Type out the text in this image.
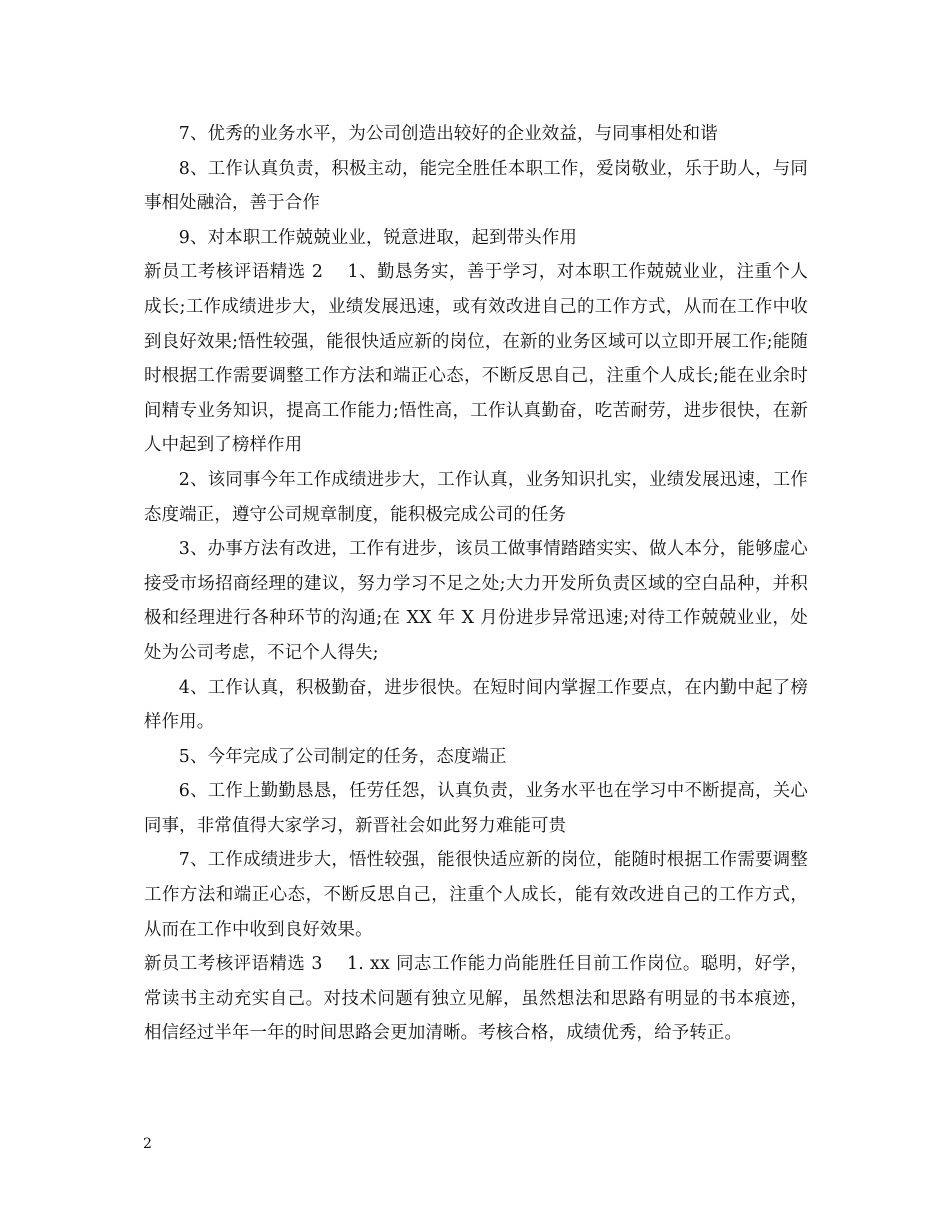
7、优秀的业务水平，为公司创造出较好的企业效益，与同事相处和谐

8、工作认真负责，积极主动，能完全胜任本职工作，爱岗敬业，乐于助人，与同事相处融洽，善于合作

9、对本职工作兢兢业业，锐意进取，起到带头作用

新员工考核评语精选 2 1、勤恳务实，善于学习，对本职工作兢兢业业，注重个人成长;工作成绩进步大，业绩发展迅速，或有效改进自己的工作方式，从而在工作中收到良好效果;悟性较强，能很快适应新的岗位，在新的业务区域可以立即开展工作;能随时根据工作需要调整工作方法和端正心态，不断反思自己，注重个人成长;能在业余时间精专业务知识，提高工作能力;悟性高，工作认真勤奋，吃苦耐劳，进步很快，在新人中起到了榜样作用

2、该同事今年工作成绩进步大，工作认真，业务知识扎实，业绩发展迅速，工作态度端正，遵守公司规章制度，能积极完成公司的任务

3、办事方法有改进，工作有进步，该员工做事情踏踏实实、做人本分，能够虚心接受市场招商经理的建议，努力学习不足之处;大力开发所负责区域的空白品种，并积极和经理进行各种环节的沟通;在 XX 年 X 月份进步异常迅速;对待工作兢兢业业，处处为公司考虑，不记个人得失;

4、工作认真，积极勤奋，进步很快。在短时间内掌握工作要点，在内勤中起了榜样作用。

5、今年完成了公司制定的任务，态度端正

6、工作上勤勤恳恳，任劳任怨，认真负责，业务水平也在学习中不断提高，关心同事，非常值得大家学习，新晋社会如此努力难能可贵

7、工作成绩进步大，悟性较强，能很快适应新的岗位，能随时根据工作需要调整工作方法和端正心态，不断反思自己，注重个人成长，能有效改进自己的工作方式，从而在工作中收到良好效果。

新员工考核评语精选 3 1. xx 同志工作能力尚能胜任目前工作岗位。聪明，好学，常读书主动充实自己。对技术问题有独立见解，虽然想法和思路有明显的书本痕迹，相信经过半年一年的时间思路会更加清晰。考核合格，成绩优秀，给予转正。

2
